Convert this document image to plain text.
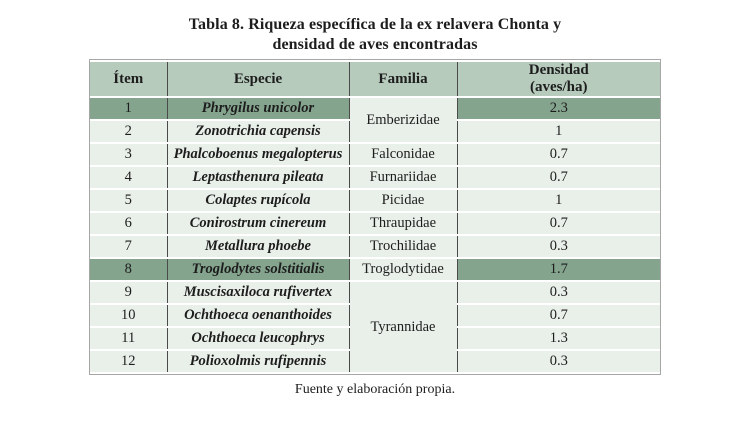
Tabla 8. Riqueza específica de la ex relavera Chonta y
densidad de aves encontradas
Ítem	Especie	Familia	Densidad
(aves/ha)

1	Phrygilus unicolor	Emberizidae	2.3
2	Zonotrichia capensis		1
3	Phalcoboenus megalopterus	Falconidae	0.7
4	Leptasthenura pileata	Furnariidae	0.7
5	Colaptes rupícola	Picidae	1
6	Conirostrum cinereum	Thraupidae	0.7
7	Metallura phoebe	Trochilidae	0.3
8	Troglodytes solstitialis	Troglodytidae	1.7
9	Muscisaxiloca rufivertex	Tyrannidae	0.3
10	Ochthoeca oenanthoides		0.7
11	Ochthoeca leucophrys		1.3
12	Polioxolmis rufipennis		0.3
Fuente y elaboración propia.
